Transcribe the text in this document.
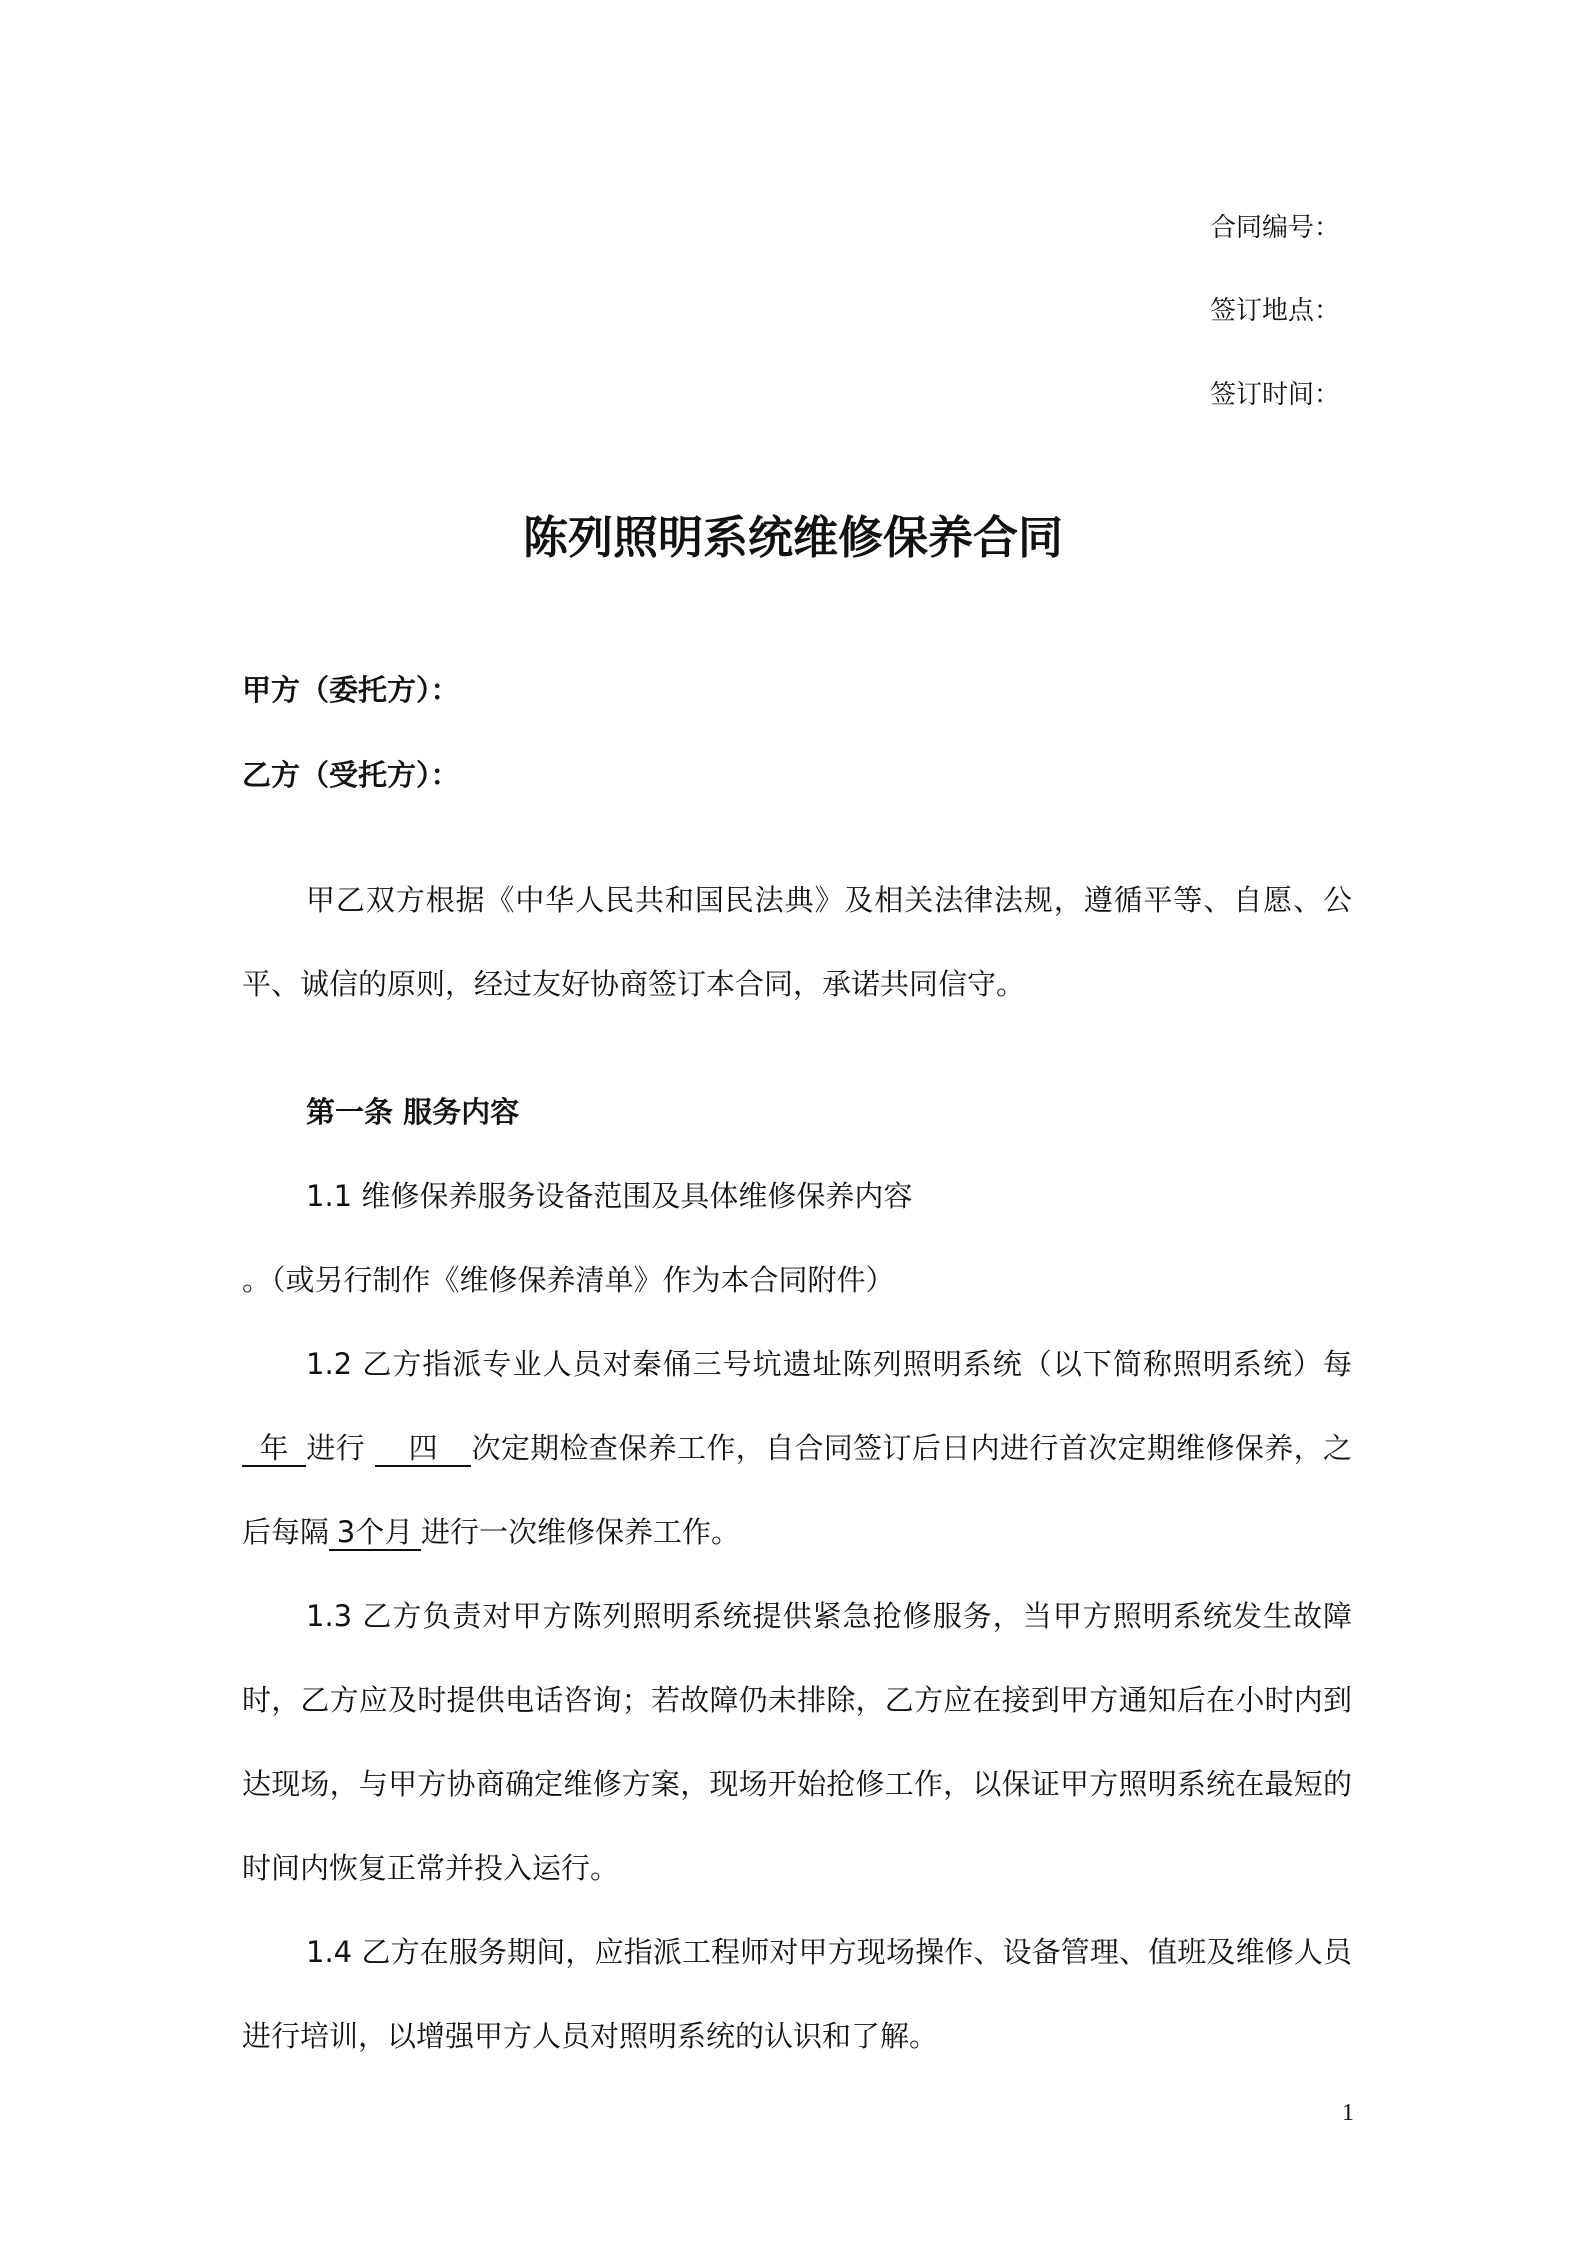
合同编号：
签订地点：
签订时间：
陈列照明系统维修保养合同
甲方（委托方）：
乙方（受托方）：

甲乙双方根据《中华人民共和国民法典》及相关法律法规，遵循平等、自愿、公平、诚信的原则，经过友好协商签订本合同，承诺共同信守。

第一条 服务内容

1.1 维修保养服务设备范围及具体维修保养内容

。（或另行制作《维修保养清单》作为本合同附件）

1.2 乙方指派专业人员对秦俑三号坑遗址陈列照明系统（以下简称照明系统）每年 进行 四 次定期检查保养工作，自合同签订后日内进行首次定期维修保养，之后每隔 3个月 进行一次维修保养工作。

1.3 乙方负责对甲方陈列照明系统提供紧急抢修服务，当甲方照明系统发生故障时，乙方应及时提供电话咨询；若故障仍未排除，乙方应在接到甲方通知后在小时内到达现场，与甲方协商确定维修方案，现场开始抢修工作，以保证甲方照明系统在最短的时间内恢复正常并投入运行。

1.4 乙方在服务期间，应指派工程师对甲方现场操作、设备管理、值班及维修人员进行培训，以增强甲方人员对照明系统的认识和了解。

1
